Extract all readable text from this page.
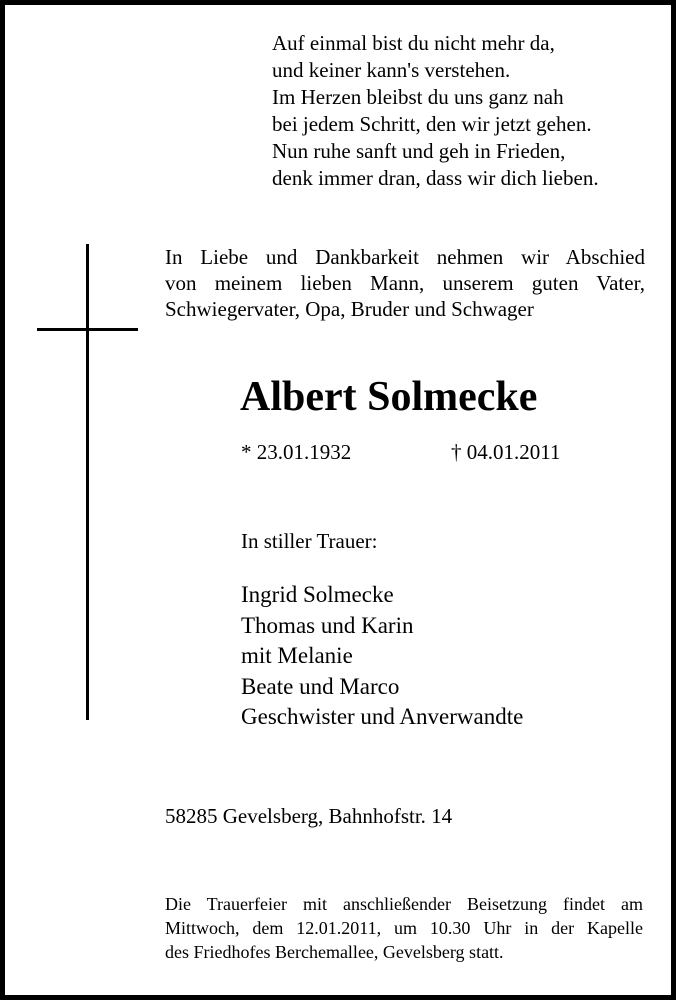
Auf einmal bist du nicht mehr da,
und keiner kann's verstehen.
Im Herzen bleibst du uns ganz nah
bei jedem Schritt, den wir jetzt gehen.
Nun ruhe sanft und geh in Frieden,
denk immer dran, dass wir dich lieben.
In Liebe und Dankbarkeit nehmen wir Abschied
von meinem lieben Mann, unserem guten Vater,
Schwiegervater, Opa, Bruder und Schwager
Albert Solmecke
* 23.01.1932	† 04.01.2011
In stiller Trauer:
Ingrid Solmecke
Thomas und Karin
mit Melanie
Beate und Marco
Geschwister und Anverwandte
58285 Gevelsberg, Bahnhofstr. 14
Die Trauerfeier mit anschließender Beisetzung findet am
Mittwoch, dem 12.01.2011, um 10.30 Uhr in der Kapelle
des Friedhofes Berchemallee, Gevelsberg statt.
